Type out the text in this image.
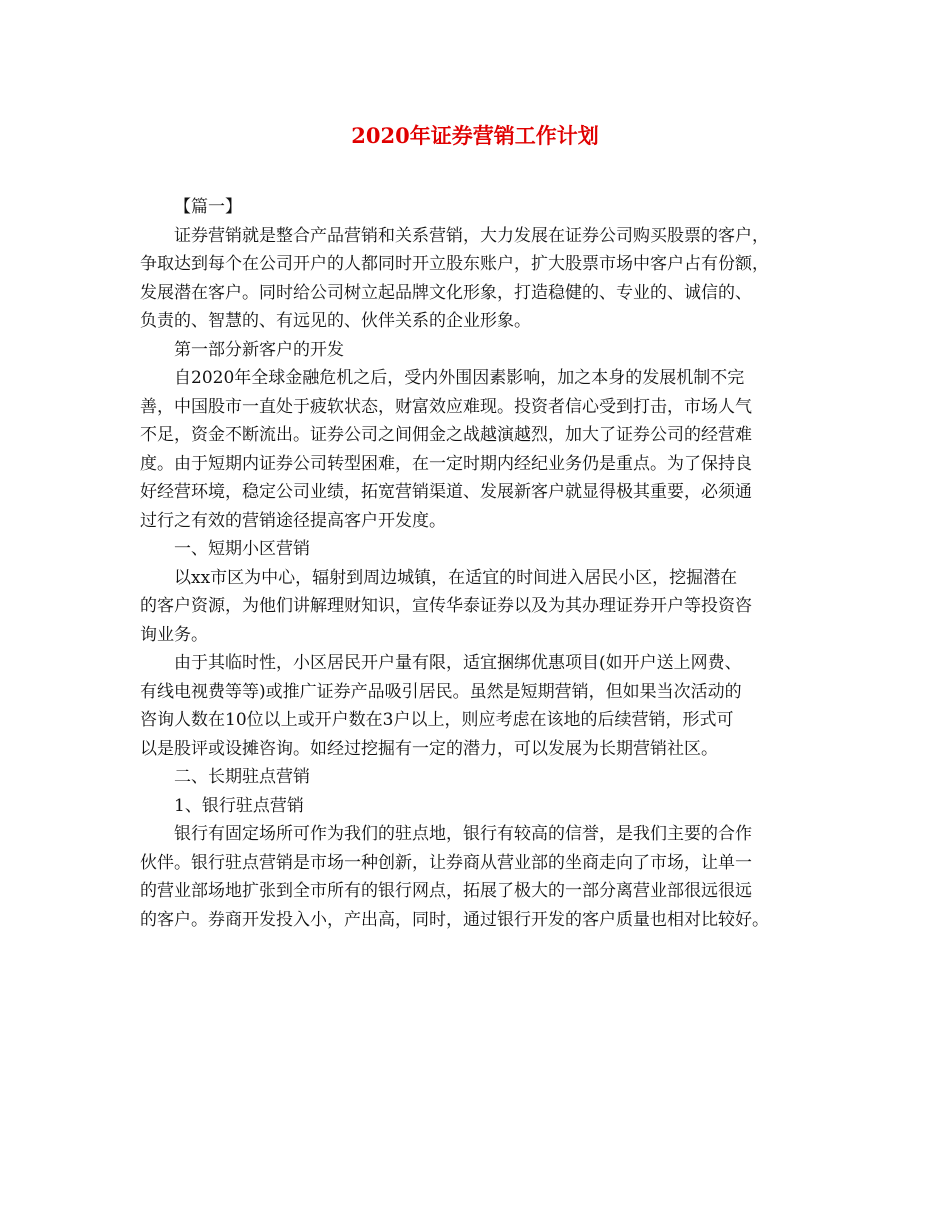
2020年证券营销工作计划

【篇一】

证券营销就是整合产品营销和关系营销，大力发展在证券公司购买股票的客户，

争取达到每个在公司开户的人都同时开立股东账户，扩大股票市场中客户占有份额，

发展潜在客户。同时给公司树立起品牌文化形象，打造稳健的、专业的、诚信的、

负责的、智慧的、有远见的、伙伴关系的企业形象。

第一部分新客户的开发

自2020年全球金融危机之后，受内外围因素影响，加之本身的发展机制不完

善，中国股市一直处于疲软状态，财富效应难现。投资者信心受到打击，市场人气

不足，资金不断流出。证券公司之间佣金之战越演越烈，加大了证券公司的经营难

度。由于短期内证券公司转型困难，在一定时期内经纪业务仍是重点。为了保持良

好经营环境，稳定公司业绩，拓宽营销渠道、发展新客户就显得极其重要，必须通

过行之有效的营销途径提高客户开发度。

一、短期小区营销

以xx市区为中心，辐射到周边城镇，在适宜的时间进入居民小区，挖掘潜在

的客户资源，为他们讲解理财知识，宣传华泰证券以及为其办理证券开户等投资咨

询业务。

由于其临时性，小区居民开户量有限，适宜捆绑优惠项目(如开户送上网费、

有线电视费等等)或推广证券产品吸引居民。虽然是短期营销，但如果当次活动的

咨询人数在10位以上或开户数在3户以上，则应考虑在该地的后续营销，形式可

以是股评或设摊咨询。如经过挖掘有一定的潜力，可以发展为长期营销社区。

二、长期驻点营销

1、银行驻点营销

银行有固定场所可作为我们的驻点地，银行有较高的信誉，是我们主要的合作

伙伴。银行驻点营销是市场一种创新，让券商从营业部的坐商走向了市场，让单一

的营业部场地扩张到全市所有的银行网点，拓展了极大的一部分离营业部很远很远

的客户。券商开发投入小，产出高，同时，通过银行开发的客户质量也相对比较好。
